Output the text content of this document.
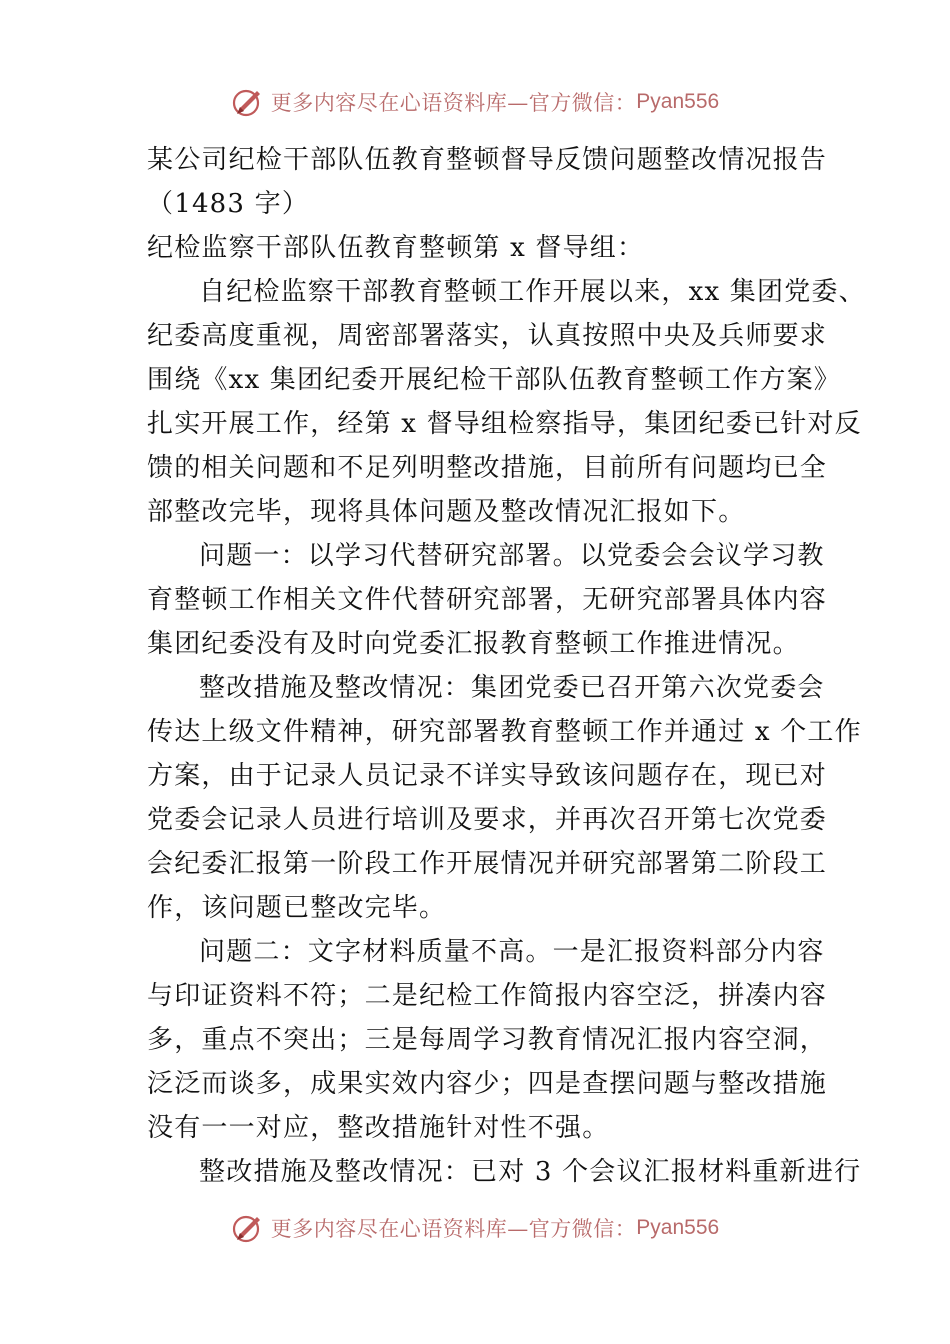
更多内容尽在心语资料库—官方微信： Pyan556
某公司纪检干部队伍教育整顿督导反馈问题整改情况报告
（1483 字）
纪检监察干部队伍教育整顿第 x 督导组：
自纪检监察干部教育整顿工作开展以来，xx 集团党委、
纪委高度重视，周密部署落实，认真按照中央及兵师要求
围绕《xx 集团纪委开展纪检干部队伍教育整顿工作方案》
扎实开展工作，经第 x 督导组检察指导，集团纪委已针对反
馈的相关问题和不足列明整改措施，目前所有问题均已全
部整改完毕，现将具体问题及整改情况汇报如下。
问题一：以学习代替研究部署。以党委会会议学习教
育整顿工作相关文件代替研究部署，无研究部署具体内容
集团纪委没有及时向党委汇报教育整顿工作推进情况。
整改措施及整改情况：集团党委已召开第六次党委会
传达上级文件精神，研究部署教育整顿工作并通过 x 个工作
方案，由于记录人员记录不详实导致该问题存在，现已对
党委会记录人员进行培训及要求，并再次召开第七次党委
会纪委汇报第一阶段工作开展情况并研究部署第二阶段工
作，该问题已整改完毕。
问题二：文字材料质量不高。一是汇报资料部分内容
与印证资料不符；二是纪检工作简报内容空泛，拼凑内容
多，重点不突出；三是每周学习教育情况汇报内容空洞，
泛泛而谈多，成果实效内容少；四是查摆问题与整改措施
没有一一对应，整改措施针对性不强。
整改措施及整改情况：已对 3 个会议汇报材料重新进行
更多内容尽在心语资料库—官方微信： Pyan556
